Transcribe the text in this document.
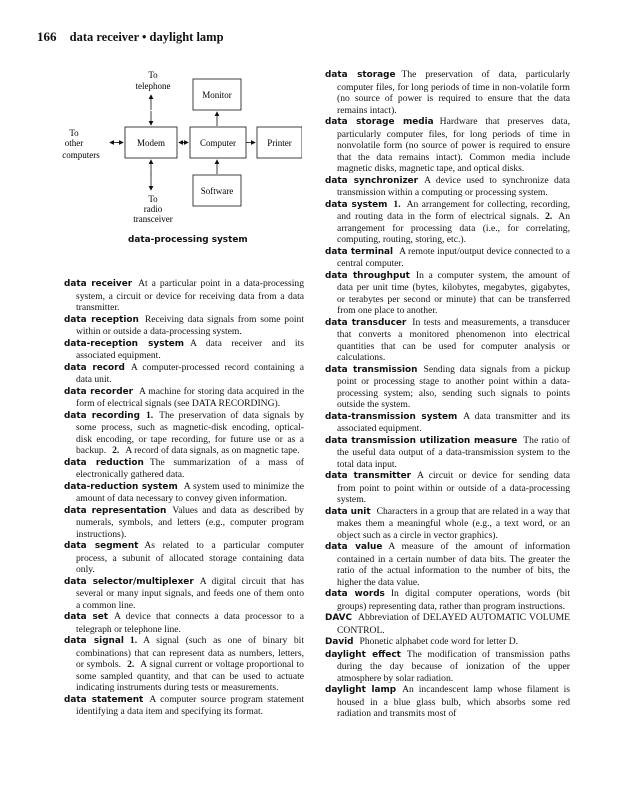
166 data receiver • daylight lamp
Monitor
Modem	Computer	Printer
Software
To
telephone
To
other
computers
To
radio
transceiver
data-processing system

data receiver At a particular point in a data-processing system, a circuit or device for receiving data from a data transmitter.

data reception Receiving data signals from some point within or outside a data-processing system.

data-reception system A data receiver and its associated equipment.

data record A computer-processed record containing a data unit.

data recorder A machine for storing data acquired in the form of electrical signals (see DATA RECORDING).

data recording 1. The preservation of data signals by some process, such as magnetic-disk encoding, optical-disk encoding, or tape recording, for future use or as a backup. 2. A record of data signals, as on magnetic tape.

data reduction The summarization of a mass of electronically gathered data.

data-reduction system A system used to minimize the amount of data necessary to convey given information.

data representation Values and data as described by numerals, symbols, and letters (e.g., computer program instructions).

data segment As related to a particular computer process, a subunit of allocated storage containing data only.

data selector/multiplexer A digital circuit that has several or many input signals, and feeds one of them onto a common line.

data set A device that connects a data processor to a telegraph or telephone line.

data signal 1. A signal (such as one of binary bit combinations) that can represent data as numbers, letters, or symbols. 2. A signal current or voltage proportional to some sampled quantity, and that can be used to actuate indicating instruments during tests or measurements.

data statement A computer source program statement identifying a data item and specifying its format.

data storage The preservation of data, particularly computer files, for long periods of time in non-volatile form (no source of power is required to ensure that the data remains intact).

data storage media Hardware that preserves data, particularly computer files, for long periods of time in nonvolatile form (no source of power is required to ensure that the data remains intact). Common media include magnetic disks, magnetic tape, and optical disks.

data synchronizer A device used to synchronize data transmission within a computing or processing system.

data system 1. An arrangement for collecting, recording, and routing data in the form of electrical signals. 2. An arrangement for processing data (i.e., for correlating, computing, routing, storing, etc.).

data terminal A remote input/output device connected to a central computer.

data throughput In a computer system, the amount of data per unit time (bytes, kilobytes, megabytes, gigabytes, or terabytes per second or minute) that can be transferred from one place to another.

data transducer In tests and measurements, a transducer that converts a monitored phenomenon into electrical quantities that can be used for computer analysis or calculations.

data transmission Sending data signals from a pickup point or processing stage to another point within a data-processing system; also, sending such signals to points outside the system.

data-transmission system A data transmitter and its associated equipment.

data transmission utilization measure The ratio of the useful data output of a data-transmission system to the total data input.

data transmitter A circuit or device for sending data from point to point within or outside of a data-processing system.

data unit Characters in a group that are related in a way that makes them a meaningful whole (e.g., a text word, or an object such as a circle in vector graphics).

data value A measure of the amount of information contained in a certain number of data bits. The greater the ratio of the actual information to the number of bits, the higher the data value.

data words In digital computer operations, words (bit groups) representing data, rather than program instructions.

DAVC Abbreviation of DELAYED AUTOMATIC VOLUME CONTROL.

David Phonetic alphabet code word for letter D.

daylight effect The modification of transmission paths during the day because of ionization of the upper atmosphere by solar radiation.

daylight lamp An incandescent lamp whose filament is housed in a blue glass bulb, which absorbs some red radiation and transmits most of
